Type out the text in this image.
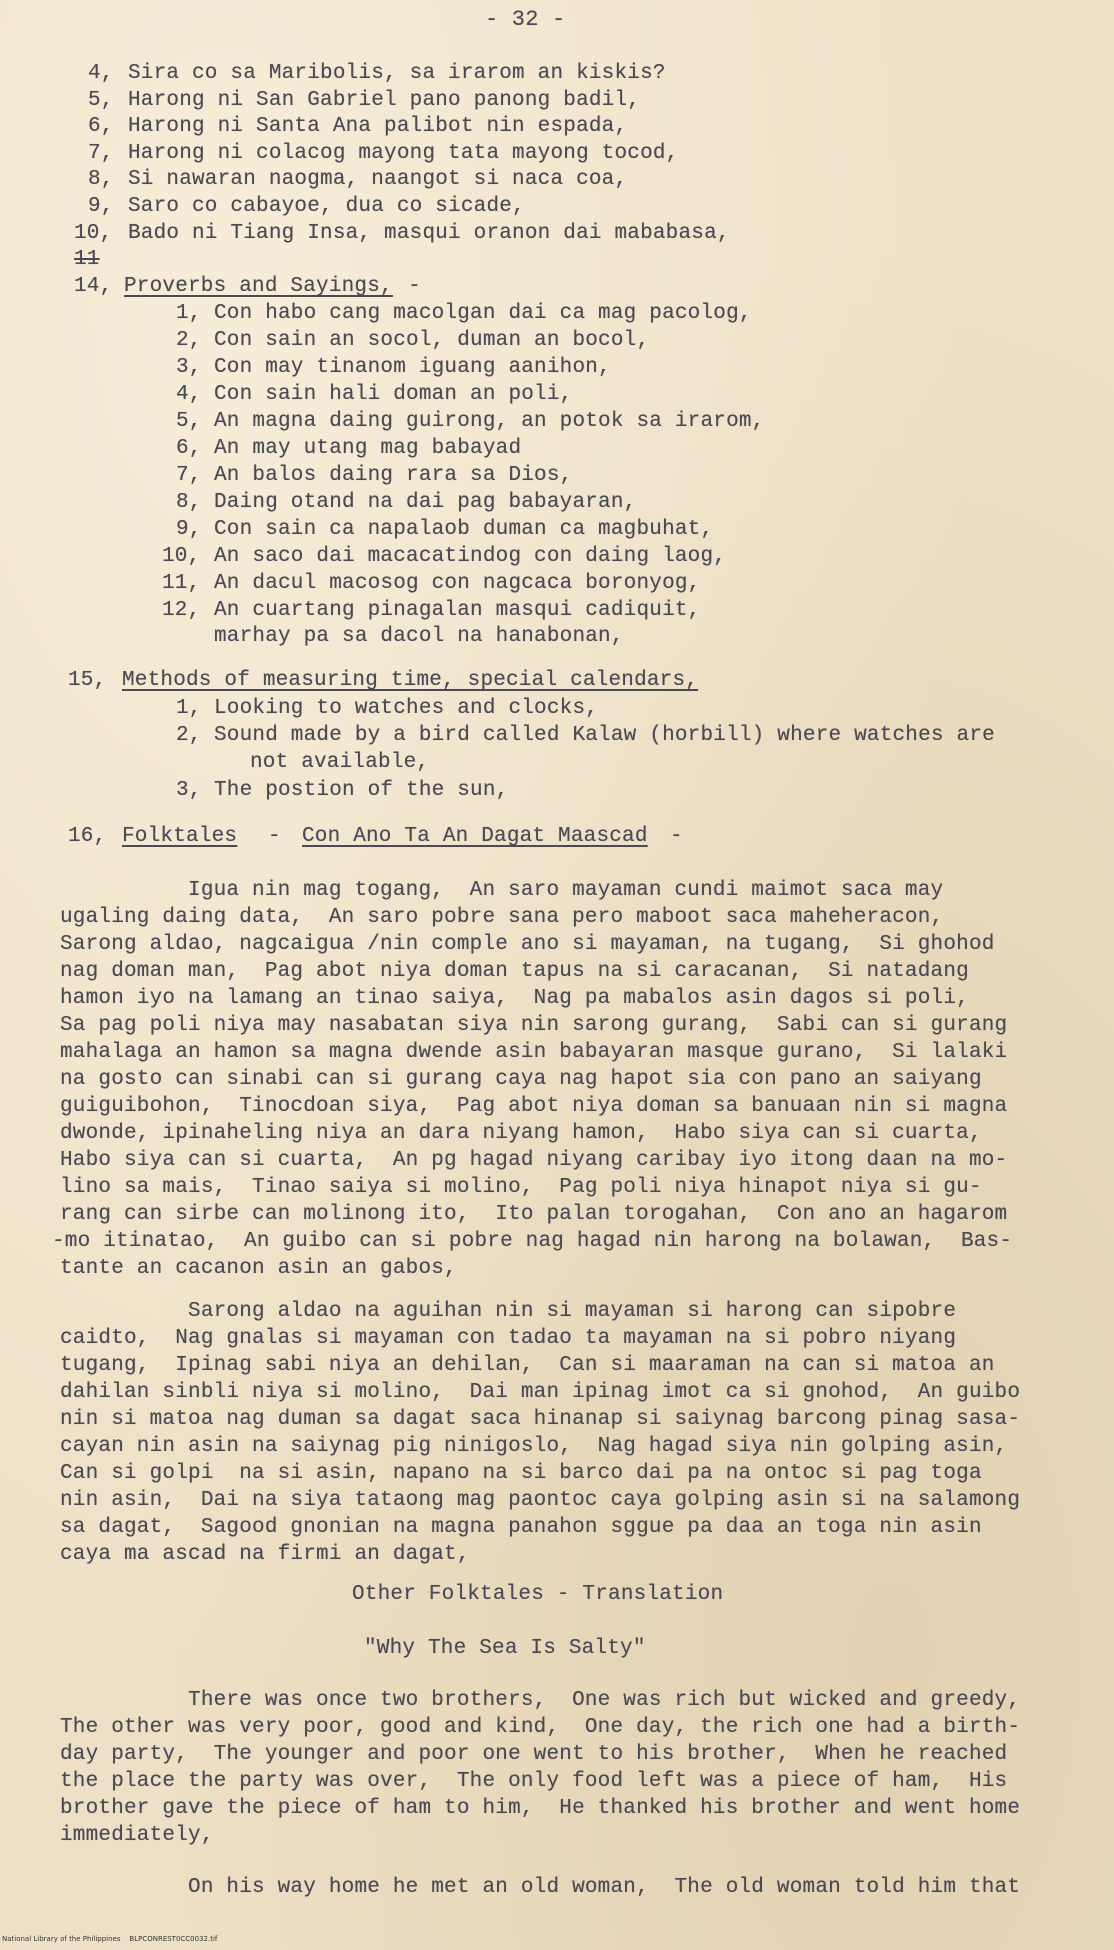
- 32 -
4, Sira co sa Maribolis, sa irarom an kiskis?
5, Harong ni San Gabriel pano panong badil,
6, Harong ni Santa Ana palibot nin espada,
7, Harong ni colacog mayong tata mayong tocod,
8, Si nawaran naogma, naangot si naca coa,
9, Saro co cabayoe, dua co sicade,
10, Bado ni Tiang Insa, masqui oranon dai mababasa,
11
14, Proverbs and Sayings, -
1, Con habo cang macolgan dai ca mag pacolog,
2, Con sain an socol, duman an bocol,
3, Con may tinanom iguang aanihon,
4, Con sain hali doman an poli,
5, An magna daing guirong, an potok sa irarom,
6, An may utang mag babayad
7, An balos daing rara sa Dios,
8, Daing otand na dai pag babayaran,
9, Con sain ca napalaob duman ca magbuhat,
10, An saco dai macacatindog con daing laog,
11, An dacul macosog con nagcaca boronyog,
12, An cuartang pinagalan masqui cadiquit,
marhay pa sa dacol na hanabonan,
15, Methods of measuring time, special calendars,
1, Looking to watches and clocks,
2, Sound made by a bird called Kalaw (horbill) where watches are
not available,
3, The postion of the sun,
16, Folktales - Con Ano Ta An Dagat Maascad -
Igua nin mag togang,  An saro mayaman cundi maimot saca may
ugaling daing data,  An saro pobre sana pero maboot saca maheheracon,
Sarong aldao, nagcaigua /nin comple ano si mayaman, na tugang,  Si ghohod
nag doman man,  Pag abot niya doman tapus na si caracanan,  Si natadang
hamon iyo na lamang an tinao saiya,  Nag pa mabalos asin dagos si poli,
Sa pag poli niya may nasabatan siya nin sarong gurang,  Sabi can si gurang
mahalaga an hamon sa magna dwende asin babayaran masque gurano,  Si lalaki
na gosto can sinabi can si gurang caya nag hapot sia con pano an saiyang
guiguibohon,  Tinocdoan siya,  Pag abot niya doman sa banuaan nin si magna
dwonde, ipinaheling niya an dara niyang hamon,  Habo siya can si cuarta,
Habo siya can si cuarta,  An pg hagad niyang caribay iyo itong daan na mo-
lino sa mais,  Tinao saiya si molino,  Pag poli niya hinapot niya si gu-
rang can sirbe can molinong ito,  Ito palan torogahan,  Con ano an hagarom
-mo itinatao,  An guibo can si pobre nag hagad nin harong na bolawan,  Bas-
tante an cacanon asin an gabos,
Sarong aldao na aguihan nin si mayaman si harong can sipobre
caidto,  Nag gnalas si mayaman con tadao ta mayaman na si pobro niyang
tugang,  Ipinag sabi niya an dehilan,  Can si maaraman na can si matoa an
dahilan sinbli niya si molino,  Dai man ipinag imot ca si gnohod,  An guibo
nin si matoa nag duman sa dagat saca hinanap si saiynag barcong pinag sasa-
cayan nin asin na saiynag pig ninigoslo,  Nag hagad siya nin golping asin,
Can si golpi  na si asin, napano na si barco dai pa na ontoc si pag toga
nin asin,  Dai na siya tataong mag paontoc caya golping asin si na salamong
sa dagat,  Sagood gnonian na magna panahon sggue pa daa an toga nin asin
caya ma ascad na firmi an dagat,
Other Folktales - Translation
"Why The Sea Is Salty"
There was once two brothers,  One was rich but wicked and greedy,
The other was very poor, good and kind,  One day, the rich one had a birth-
day party,  The younger and poor one went to his brother,  When he reached
the place the party was over,  The only food left was a piece of ham,  His
brother gave the piece of ham to him,  He thanked his brother and went home
immediately,
On his way home he met an old woman,  The old woman told him that
National Library of the Philippines    BLPCONREST0CC0032.tif
